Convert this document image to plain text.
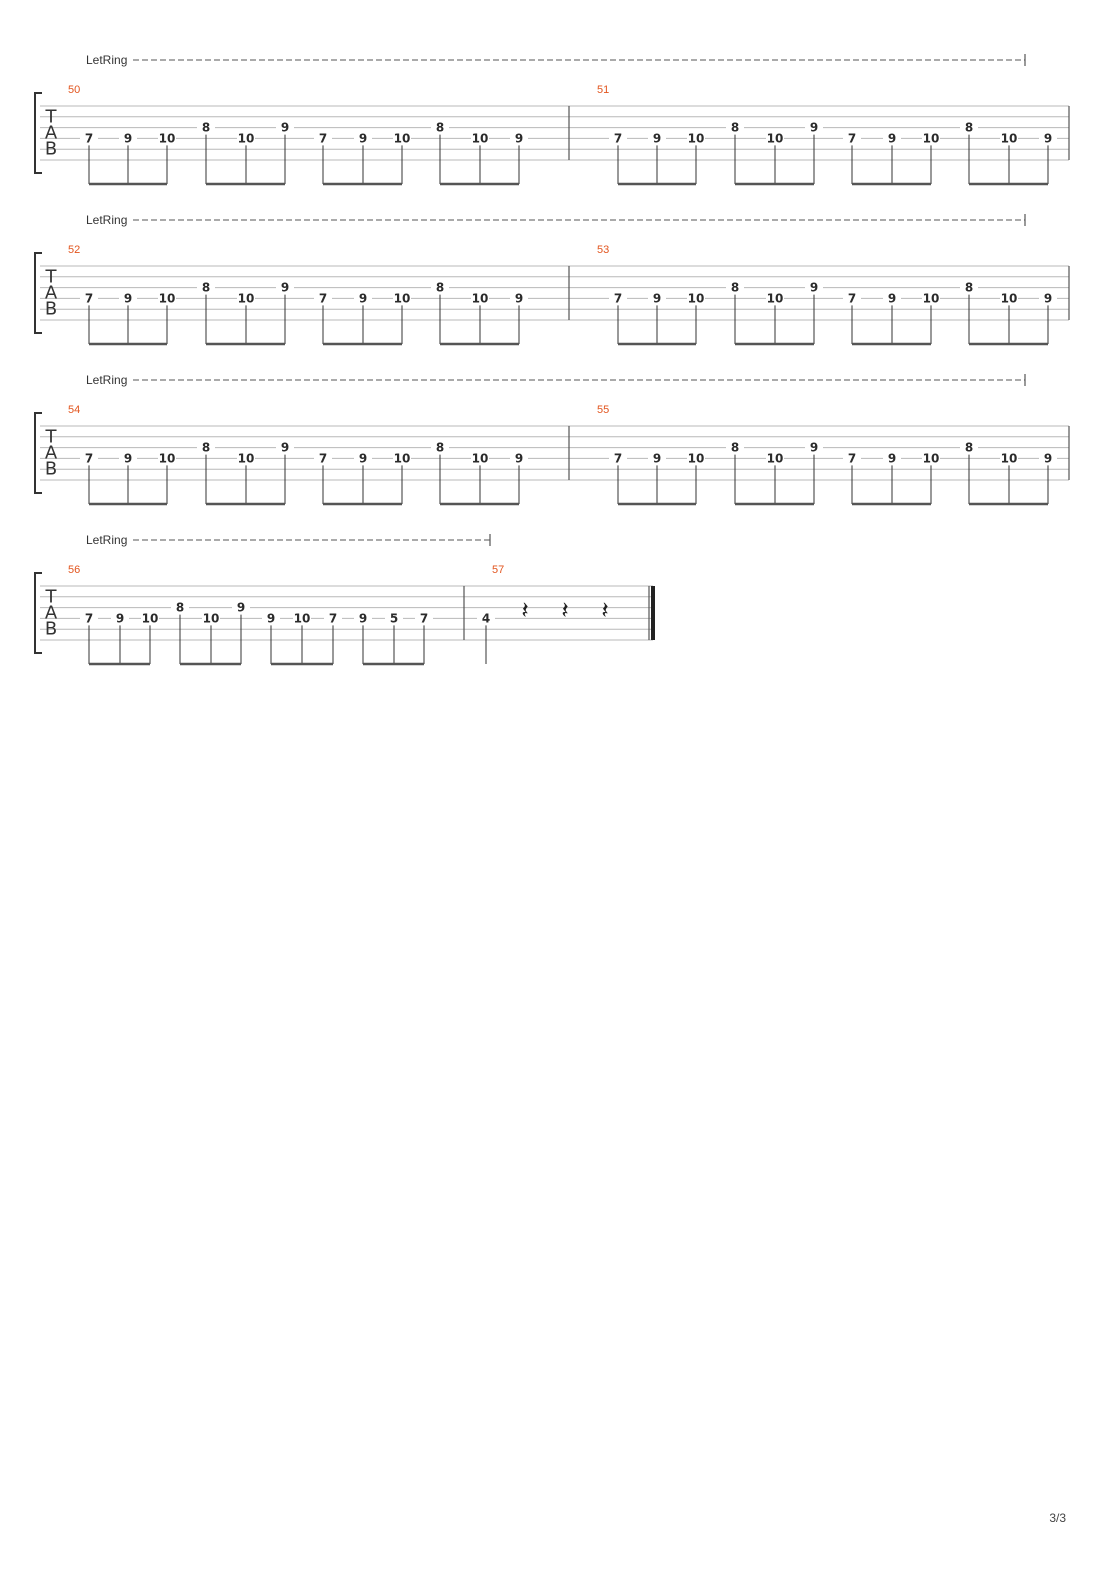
LetRing
T
A
B
50
7	9 10
8
10
9
7	9 10
8
10 9
51
7	9 10
8
10
9
7	9 10
8
10 9
LetRing
T
A
B
52
7	9 10
8
10
9
7	9 10
8
10 9
53
7	9 10
8
10
9
7	9 10
8
10 9
LetRing
T
A
B
54
7	9 10
8
10
9
7	9 10
8
10 9
55
7	9 10
8
10
9
7	9 10
8
10 9
LetRing
T
A
B
56
7 9 10
8
10
9
9 10 7 9 5 7
57
4 𝄽 𝄽 𝄽
3/3
